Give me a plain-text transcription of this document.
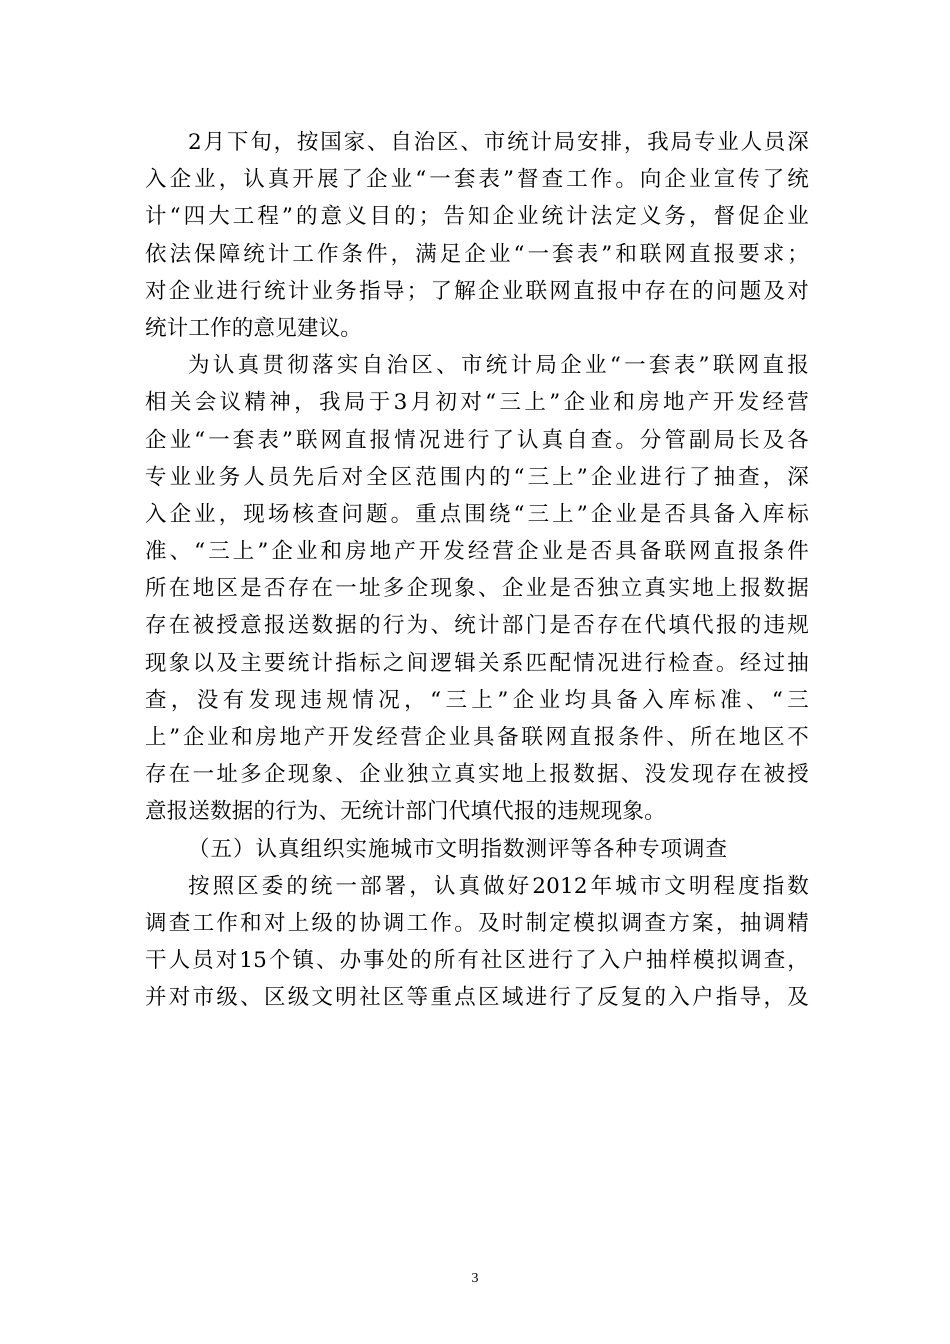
2月下旬，按国家、自治区、市统计局安排，我局专业人员深
入企业，认真开展了企业“一套表”督查工作。向企业宣传了统
计“四大工程”的意义目的；告知企业统计法定义务，督促企业
依法保障统计工作条件，满足企业“一套表”和联网直报要求；
对企业进行统计业务指导；了解企业联网直报中存在的问题及对
统计工作的意见建议。
为认真贯彻落实自治区、市统计局企业“一套表”联网直报
相关会议精神，我局于3月初对“三上”企业和房地产开发经营
企业“一套表”联网直报情况进行了认真自查。分管副局长及各
专业业务人员先后对全区范围内的“三上”企业进行了抽查，深
入企业，现场核查问题。重点围绕“三上”企业是否具备入库标
准、“三上”企业和房地产开发经营企业是否具备联网直报条件
所在地区是否存在一址多企现象、企业是否独立真实地上报数据
存在被授意报送数据的行为、统计部门是否存在代填代报的违规
现象以及主要统计指标之间逻辑关系匹配情况进行检查。经过抽
查，没有发现违规情况，“三上”企业均具备入库标准、“三
上”企业和房地产开发经营企业具备联网直报条件、所在地区不
存在一址多企现象、企业独立真实地上报数据、没发现存在被授
意报送数据的行为、无统计部门代填代报的违规现象。
（五）认真组织实施城市文明指数测评等各种专项调查
按照区委的统一部署，认真做好2012年城市文明程度指数
调查工作和对上级的协调工作。及时制定模拟调查方案，抽调精
干人员对15个镇、办事处的所有社区进行了入户抽样模拟调查，
并对市级、区级文明社区等重点区域进行了反复的入户指导，及
3
